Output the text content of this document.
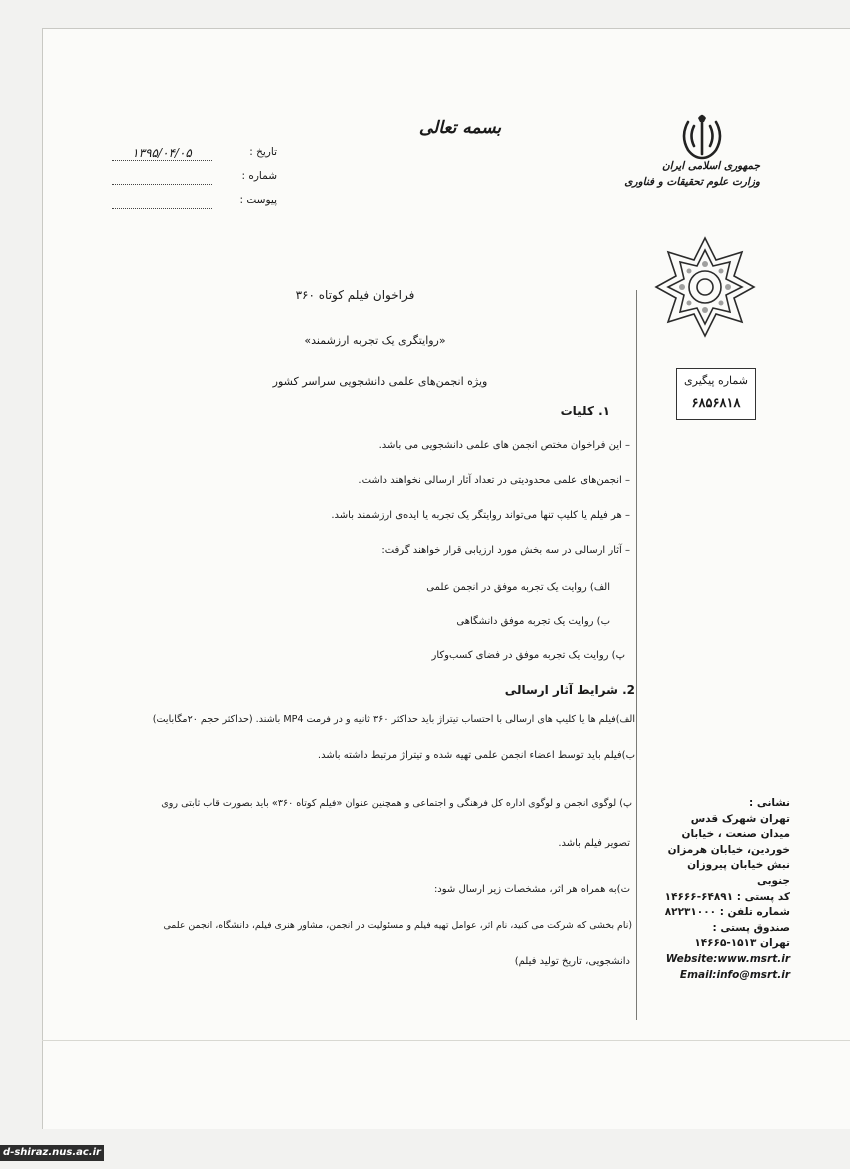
بسمه تعالی
۱۳۹۵/۰۴/۰۵	تاریخ :
شماره :
پیوست :
جمهوری اسلامی ایران
وزارت علوم تحقیقات و فناوری
شماره پیگیری
۶۸۵۶۸۱۸
فراخوان فیلم کوتاه ۳۶۰
«روایتگری یک تجربه ارزشمند»
ویژه انجمن‌های علمی دانشجویی سراسر کشور
۱. کلیات
– این فراخوان مختص انجمن های علمی دانشجویی می باشد.
– انجمن‌های علمی محدودیتی در تعداد آثار ارسالی نخواهند داشت.
– هر فیلم یا کلیپ تنها می‌تواند روایتگر یک تجربه یا ایده‌ی ارزشمند باشد.
– آثار ارسالی در سه بخش مورد ارزیابی قرار خواهند گرفت:
الف) روایت یک تجربه موفق در انجمن علمی
ب) روایت یک تجربه موفق دانشگاهی
پ) روایت یک تجربه موفق در فضای کسب‌وکار
2. شرایط آثار ارسالی
الف)فیلم ها یا کلیپ های ارسالی با احتساب تیتراژ باید حداکثر ۳۶۰ ثانیه و در فرمت MP4 باشند. (حداکثر حجم ۲۰مگابایت)
ب)فیلم باید توسط اعضاء انجمن علمی تهیه شده و تیتراژ مرتبط داشته باشد.
پ) لوگوی انجمن و لوگوی اداره کل فرهنگی و اجتماعی و همچنین عنوان «فیلم کوتاه ۳۶۰» باید بصورت قاب ثابتی روی
تصویر فیلم باشد.
ت)به همراه هر اثر، مشخصات زیر ارسال شود:
(نام بخشی که شرکت می کنید، نام اثر، عوامل تهیه فیلم و مسئولیت در انجمن، مشاور هنری فیلم، دانشگاه، انجمن علمی
دانشجویی، تاریخ تولید فیلم)
نشانی :
تهران شهرک قدس
میدان صنعت ، خیابان
خوردین، خیابان هرمزان
نبش خیابان پیروزان جنوبی
کد پستی : ۶۴۸۹۱-۱۴۶۶۶
شماره تلفن : ۸۲۲۳۱۰۰۰
صندوق پستی :
تهران ۱۵۱۳-۱۴۶۶۵
Website:www.msrt.ir
Email:info@msrt.ir
d-shiraz.nus.ac.ir
